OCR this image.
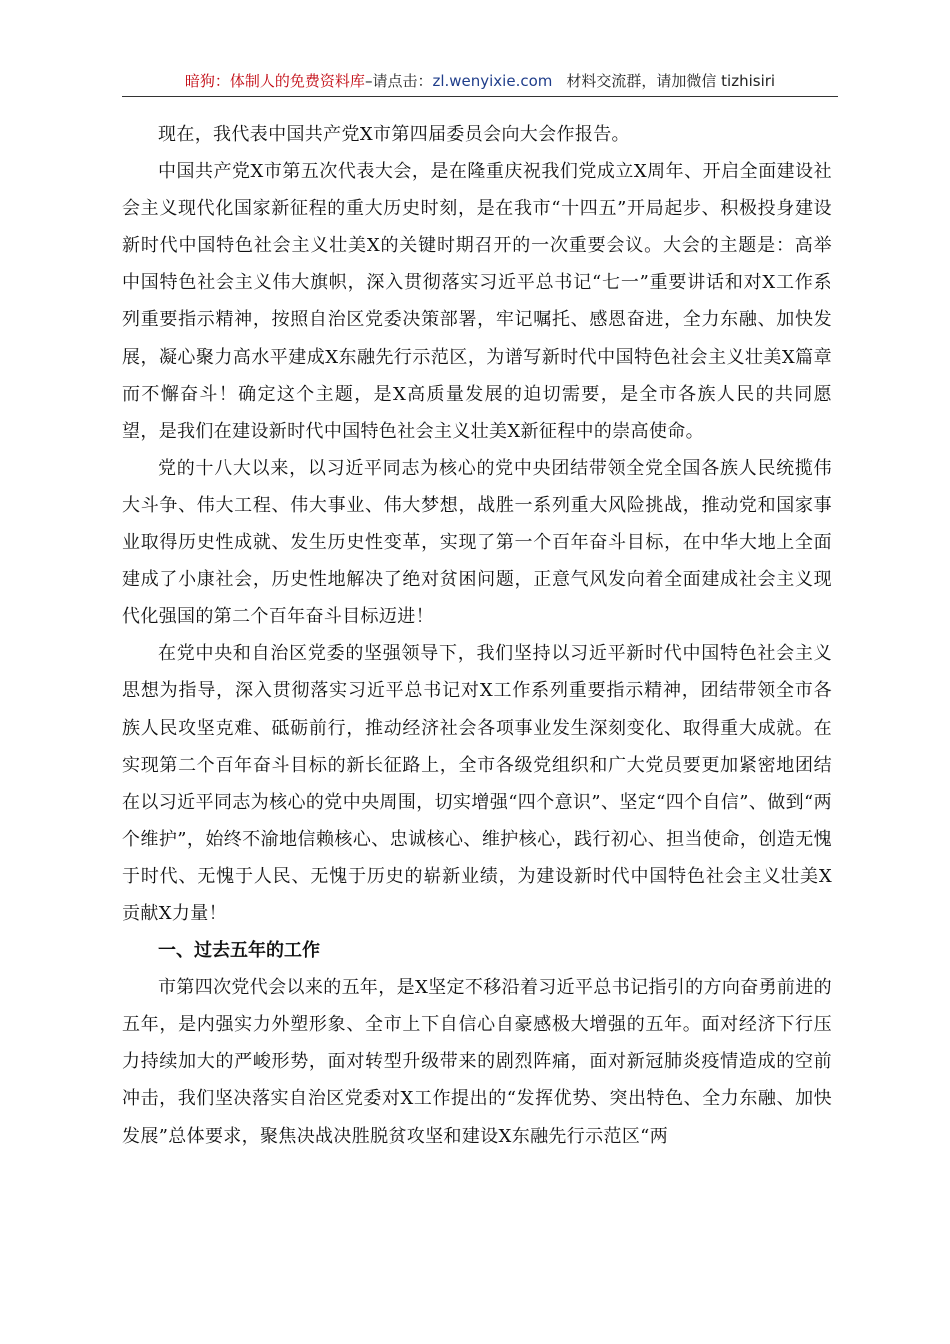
暗狗：体制人的免费资料库–请点击：zl.wenyixie.com 材料交流群，请加微信 tizhisiri

现在，我代表中国共产党X市第四届委员会向大会作报告。

中国共产党X市第五次代表大会，是在隆重庆祝我们党成立X周年、开启全面建设社会主义现代化国家新征程的重大历史时刻，是在我市“十四五”开局起步、积极投身建设新时代中国特色社会主义壮美X的关键时期召开的一次重要会议。大会的主题是：高举中国特色社会主义伟大旗帜，深入贯彻落实习近平总书记“七一”重要讲话和对X工作系列重要指示精神，按照自治区党委决策部署，牢记嘱托、感恩奋进，全力东融、加快发展，凝心聚力高水平建成X东融先行示范区，为谱写新时代中国特色社会主义壮美X篇章而不懈奋斗！确定这个主题，是X高质量发展的迫切需要，是全市各族人民的共同愿望，是我们在建设新时代中国特色社会主义壮美X新征程中的崇高使命。

党的十八大以来，以习近平同志为核心的党中央团结带领全党全国各族人民统揽伟大斗争、伟大工程、伟大事业、伟大梦想，战胜一系列重大风险挑战，推动党和国家事业取得历史性成就、发生历史性变革，实现了第一个百年奋斗目标，在中华大地上全面建成了小康社会，历史性地解决了绝对贫困问题，正意气风发向着全面建成社会主义现代化强国的第二个百年奋斗目标迈进！

在党中央和自治区党委的坚强领导下，我们坚持以习近平新时代中国特色社会主义思想为指导，深入贯彻落实习近平总书记对X工作系列重要指示精神，团结带领全市各族人民攻坚克难、砥砺前行，推动经济社会各项事业发生深刻变化、取得重大成就。在实现第二个百年奋斗目标的新长征路上，全市各级党组织和广大党员要更加紧密地团结在以习近平同志为核心的党中央周围，切实增强“四个意识”、坚定“四个自信”、做到“两个维护”，始终不渝地信赖核心、忠诚核心、维护核心，践行初心、担当使命，创造无愧于时代、无愧于人民、无愧于历史的崭新业绩，为建设新时代中国特色社会主义壮美X贡献X力量！

一、过去五年的工作

市第四次党代会以来的五年，是X坚定不移沿着习近平总书记指引的方向奋勇前进的五年，是内强实力外塑形象、全市上下自信心自豪感极大增强的五年。面对经济下行压力持续加大的严峻形势，面对转型升级带来的剧烈阵痛，面对新冠肺炎疫情造成的空前冲击，我们坚决落实自治区党委对X工作提出的“发挥优势、突出特色、全力东融、加快发展”总体要求，聚焦决战决胜脱贫攻坚和建设X东融先行示范区“两
